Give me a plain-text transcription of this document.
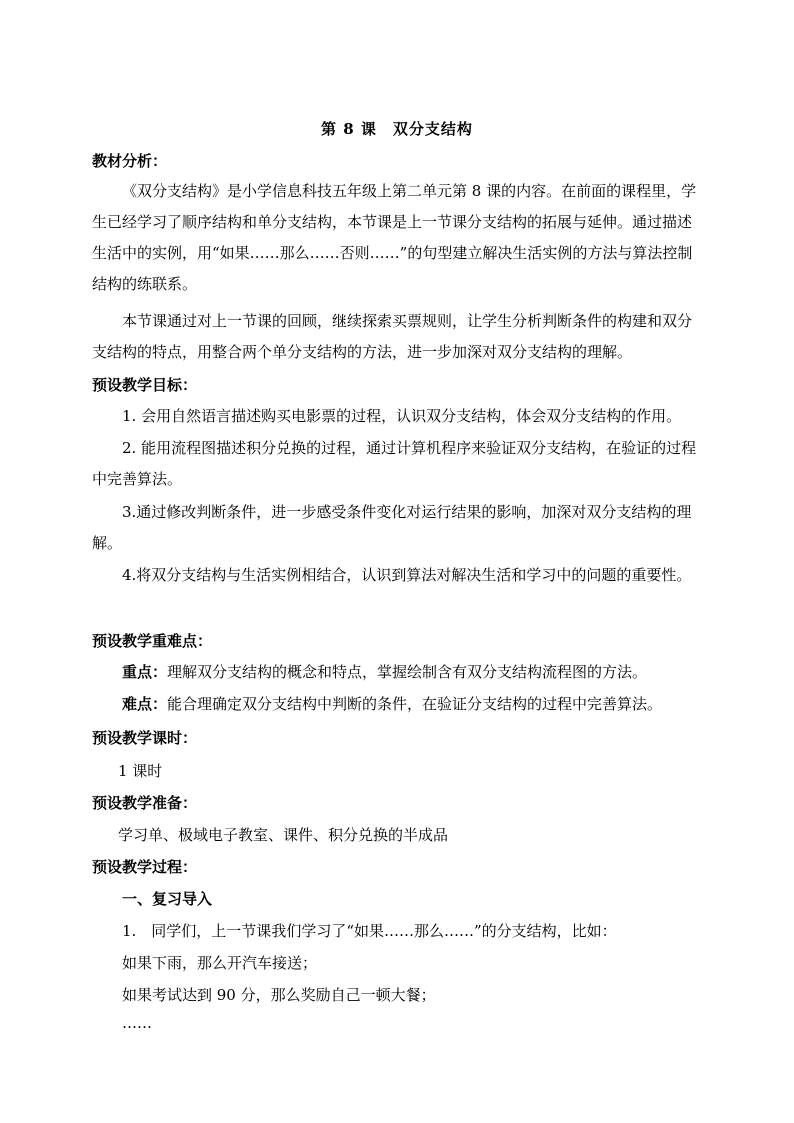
第 8 课　双分支结构
教材分析：
《双分支结构》是小学信息科技五年级上第二单元第 8 课的内容。在前面的课程里，学生已经学习了顺序结构和单分支结构，本节课是上一节课分支结构的拓展与延伸。通过描述生活中的实例，用“如果……那么……否则……”的句型建立解决生活实例的方法与算法控制结构的练联系。
本节课通过对上一节课的回顾，继续探索买票规则，让学生分析判断条件的构建和双分支结构的特点，用整合两个单分支结构的方法，进一步加深对双分支结构的理解。
预设教学目标：
1. 会用自然语言描述购买电影票的过程，认识双分支结构，体会双分支结构的作用。
2. 能用流程图描述积分兑换的过程，通过计算机程序来验证双分支结构，在验证的过程中完善算法。
3.通过修改判断条件，进一步感受条件变化对运行结果的影响，加深对双分支结构的理解。
4.将双分支结构与生活实例相结合，认识到算法对解决生活和学习中的问题的重要性。
预设教学重难点：
重点：理解双分支结构的概念和特点，掌握绘制含有双分支结构流程图的方法。
难点：能合理确定双分支结构中判断的条件，在验证分支结构的过程中完善算法。
预设教学课时：
1 课时
预设教学准备：
学习单、极域电子教室、课件、积分兑换的半成品
预设教学过程：
一、复习导入
1.　同学们，上一节课我们学习了“如果……那么……”的分支结构，比如：
如果下雨，那么开汽车接送；
如果考试达到 90 分，那么奖励自己一顿大餐；
……
